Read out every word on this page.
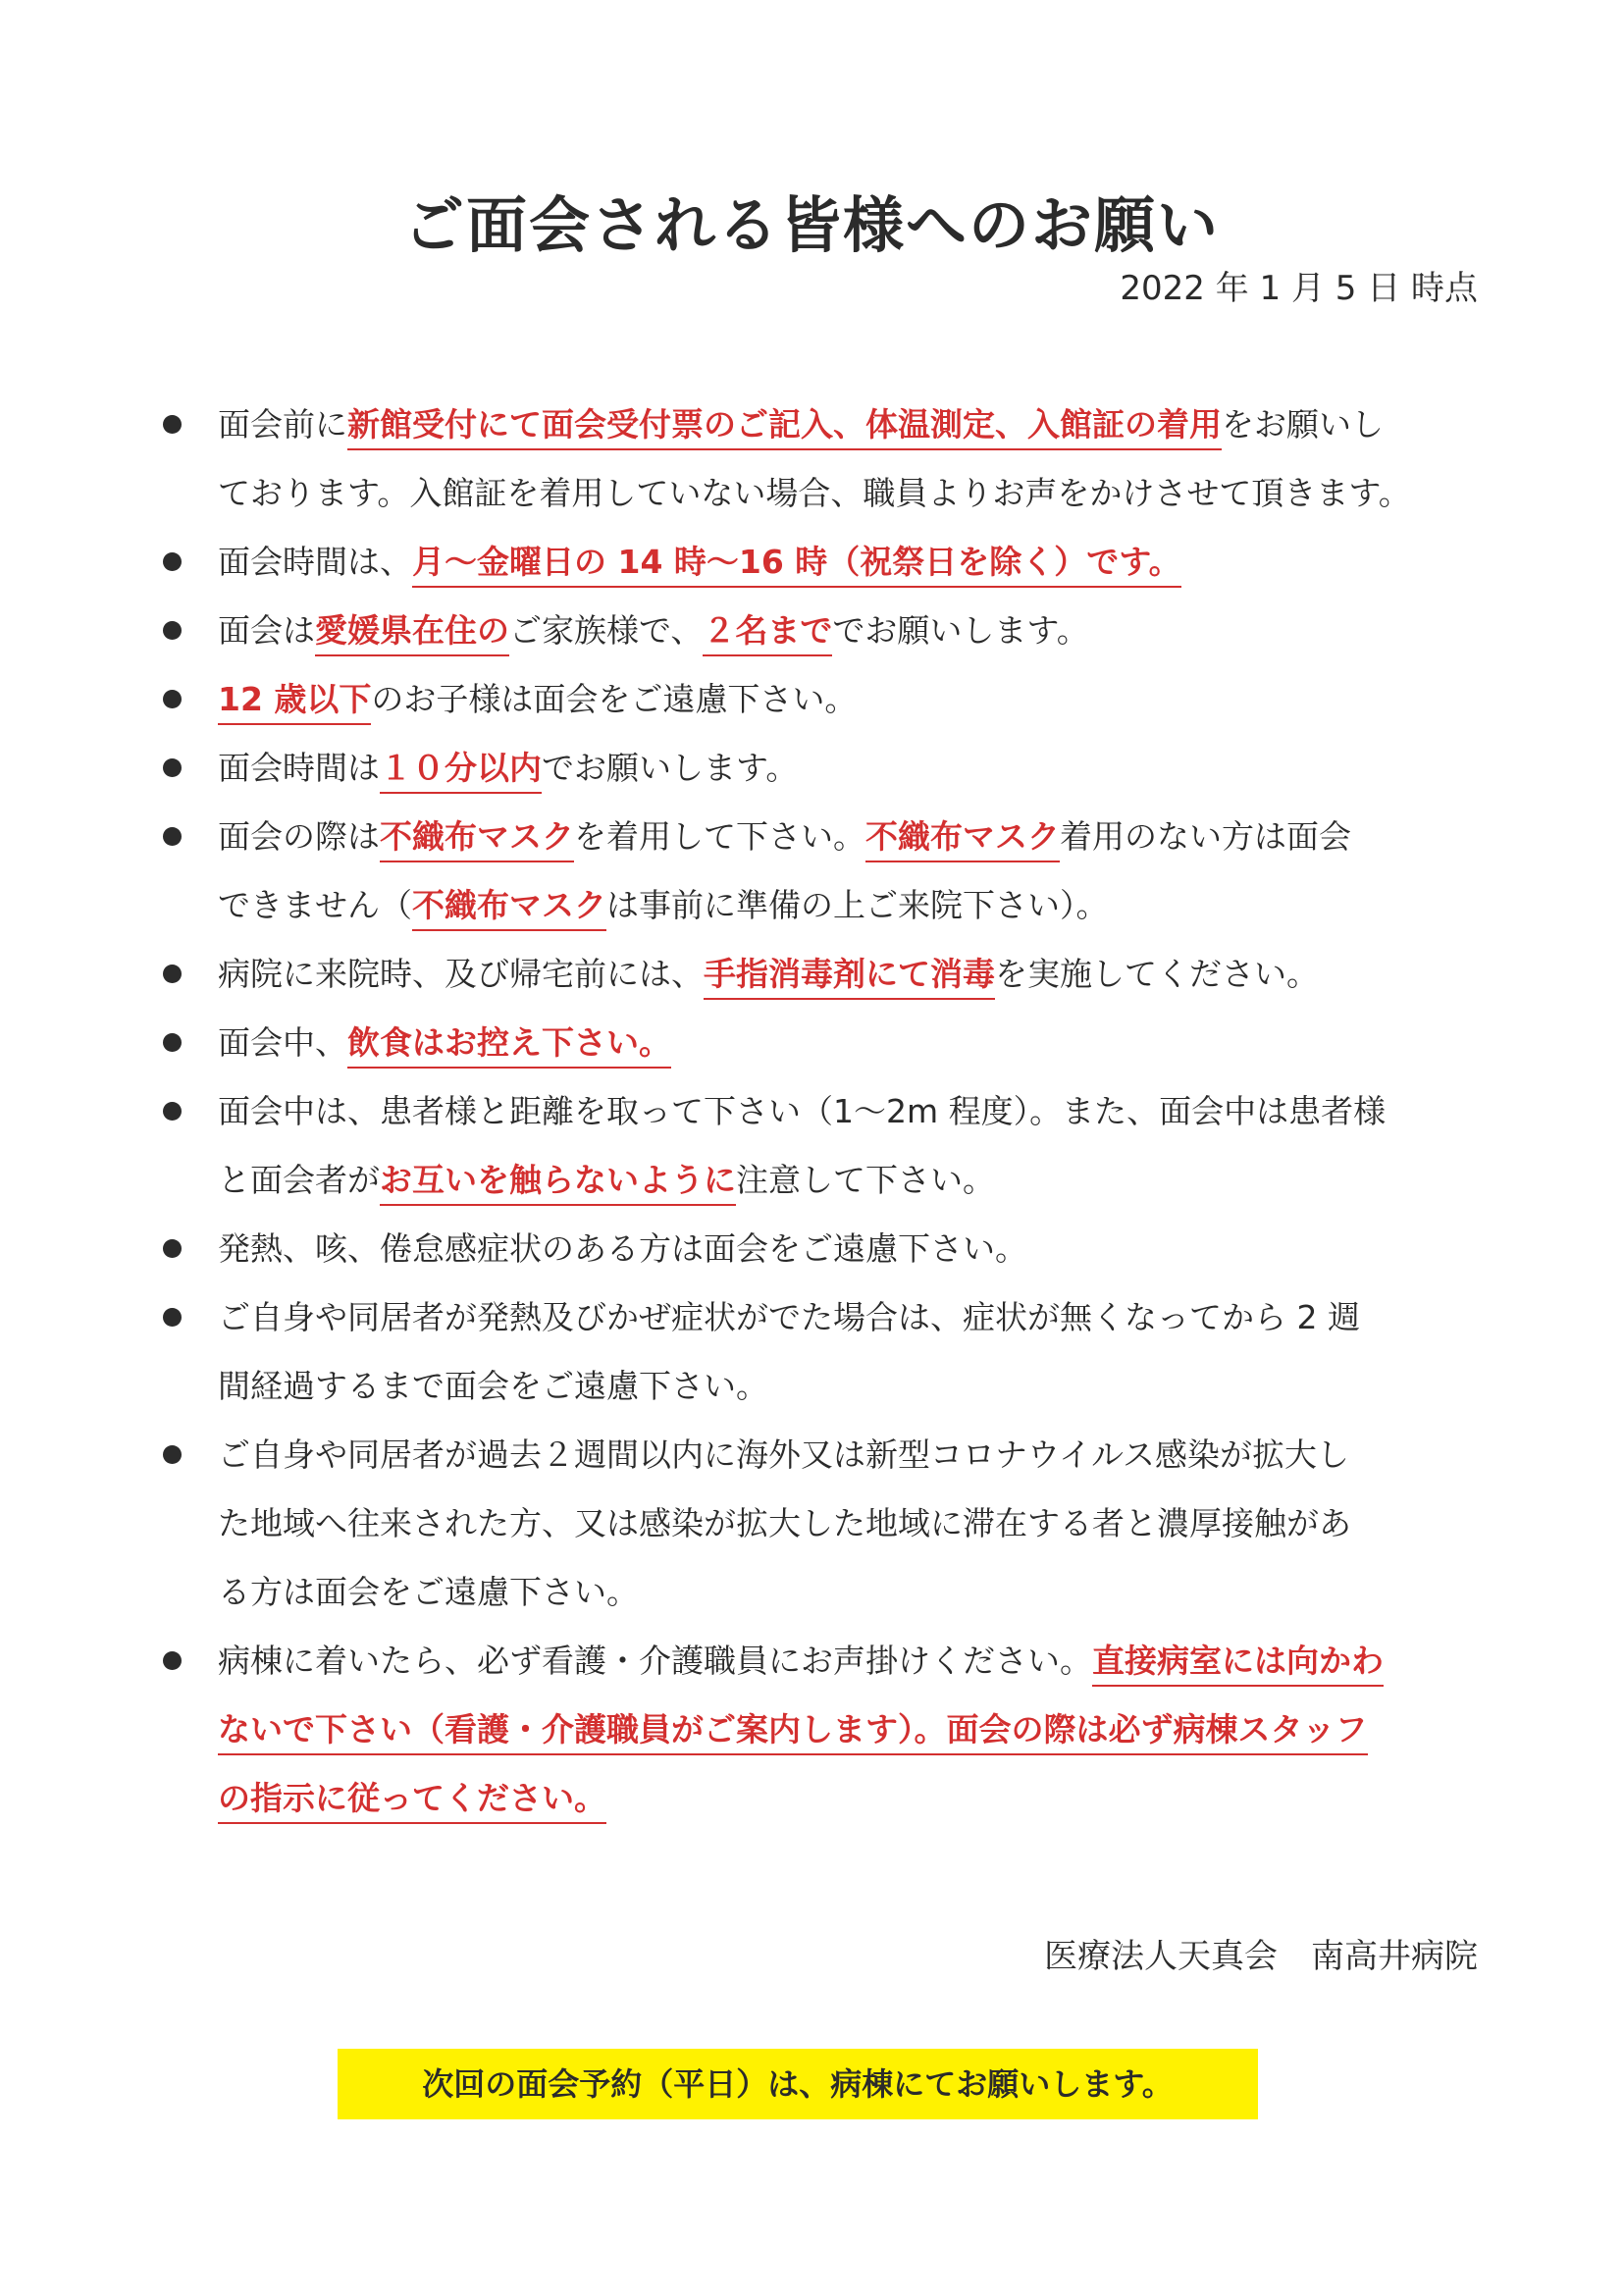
ご面会される皆様へのお願い
2022 年 1 月 5 日 時点
面会前に新館受付にて面会受付票のご記入、体温測定、入館証の着用をお願いし
ております。入館証を着用していない場合、職員よりお声をかけさせて頂きます。
面会時間は、月～金曜日の 14 時～16 時（祝祭日を除く）です。
面会は愛媛県在住のご家族様で、２名まででお願いします。
12 歳以下のお子様は面会をご遠慮下さい。
面会時間は１０分以内でお願いします。
面会の際は不織布マスクを着用して下さい。不織布マスク着用のない方は面会
できません（不織布マスクは事前に準備の上ご来院下さい）。
病院に来院時、及び帰宅前には、手指消毒剤にて消毒を実施してください。
面会中、飲食はお控え下さい。
面会中は、患者様と距離を取って下さい（1～2m 程度）。また、面会中は患者様
と面会者がお互いを触らないように注意して下さい。
発熱、咳、倦怠感症状のある方は面会をご遠慮下さい。
ご自身や同居者が発熱及びかぜ症状がでた場合は、症状が無くなってから 2 週
間経過するまで面会をご遠慮下さい。
ご自身や同居者が過去２週間以内に海外又は新型コロナウイルス感染が拡大し
た地域へ往来された方、又は感染が拡大した地域に滞在する者と濃厚接触があ
る方は面会をご遠慮下さい。
病棟に着いたら、必ず看護・介護職員にお声掛けください。直接病室には向かわ
ないで下さい（看護・介護職員がご案内します）。面会の際は必ず病棟スタッフ
の指示に従ってください。
医療法人天真会　南高井病院
次回の面会予約（平日）は、病棟にてお願いします。
